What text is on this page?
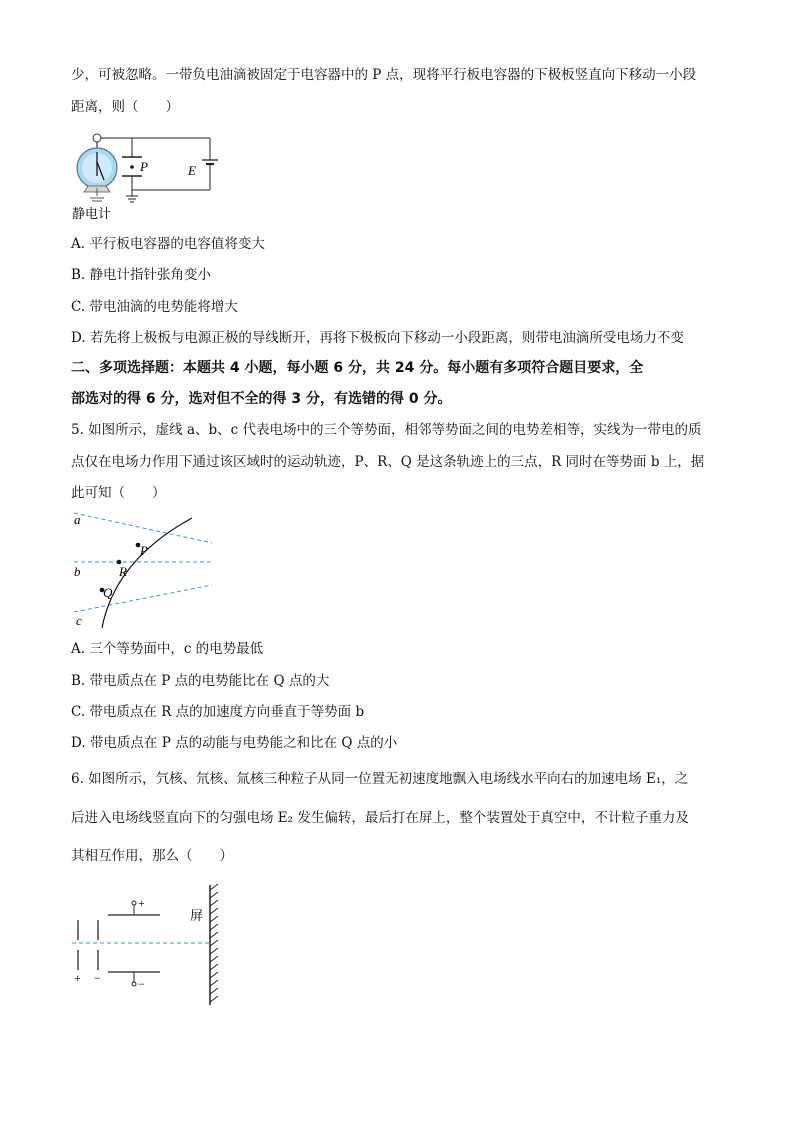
少，可被忽略。一带负电油滴被固定于电容器中的 P 点，现将平行板电容器的下极板竖直向下移动一小段
距离，则（　　）
P	E
静电计
A. 平行板电容器的电容值将变大
B. 静电计指针张角变小
C. 带电油滴的电势能将增大
D. 若先将上极板与电源正极的导线断开，再将下极板向下移动一小段距离，则带电油滴所受电场力不变
二、多项选择题：本题共 4 小题，每小题 6 分，共 24 分。每小题有多项符合题目要求，全
部选对的得 6 分，选对但不全的得 3 分，有选错的得 0 分。
5. 如图所示，虚线 a、b、c 代表电场中的三个等势面，相邻等势面之间的电势差相等，实线为一带电的质
点仅在电场力作用下通过该区域时的运动轨迹，P、R、Q 是这条轨迹上的三点，R 同时在等势面 b 上，据
此可知（　　）
a
b
c
P
R
Q
A. 三个等势面中，c 的电势最低
B. 带电质点在 P 点的电势能比在 Q 点的大
C. 带电质点在 R 点的加速度方向垂直于等势面 b
D. 带电质点在 P 点的动能与电势能之和比在 Q 点的小
6. 如图所示，氕核、氘核、氚核三种粒子从同一位置无初速度地飘入电场线水平向右的加速电场 E₁，之
后进入电场线竖直向下的匀强电场 E₂ 发生偏转，最后打在屏上，整个装置处于真空中，不计粒子重力及
其相互作用，那么（　　）
屏
+
−
+ −
